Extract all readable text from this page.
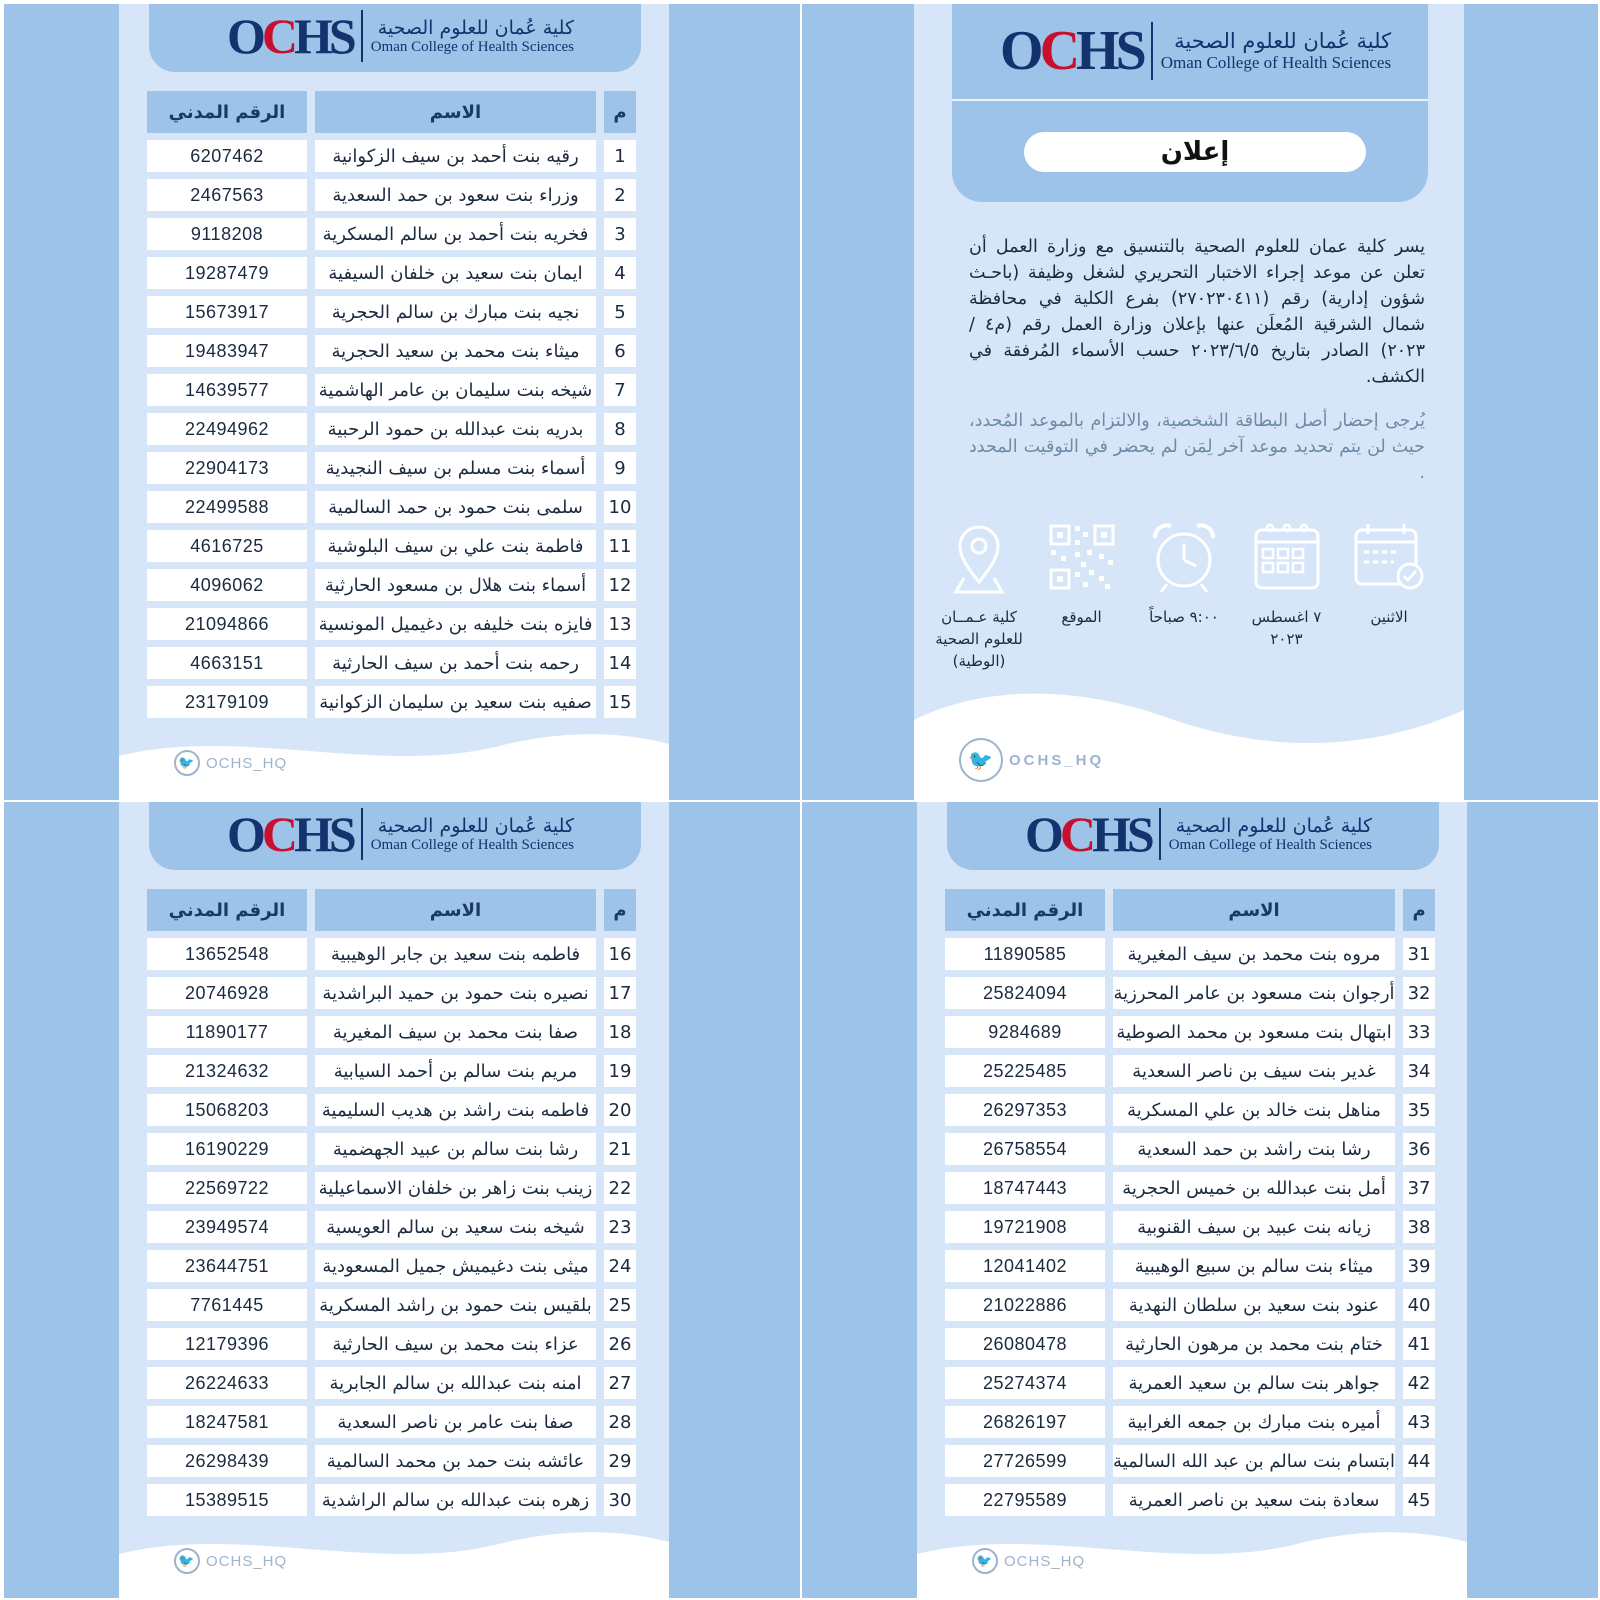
OCHS كلية عُمان للعلوم الصحية
Oman College of Health Sciences
م	الاسم	الرقم المدني
1	رقيه بنت أحمد بن سيف الزكوانية	6207462
2	وزراء بنت سعود بن حمد السعدية	2467563
3	فخريه بنت أحمد بن سالم المسكرية	9118208
4	ايمان بنت سعيد بن خلفان السيفية	19287479
5	نجيه بنت مبارك بن سالم الحجرية	15673917
6	ميثاء بنت محمد بن سعيد الحجرية	19483947
7	شيخه بنت سليمان بن عامر الهاشمية	14639577
8	بدريه بنت عبدالله بن حمود الرحبية	22494962
9	أسماء بنت مسلم بن سيف النجيدية	22904173
10	سلمى بنت حمود بن حمد السالمية	22499588
11	فاطمة بنت علي بن سيف البلوشية	4616725
12	أسماء بنت هلال بن مسعود الحارثية	4096062
13	فايزه بنت خليفه بن دغيميل المونسية	21094866
14	رحمه بنت أحمد بن سيف الحارثية	4663151
15	صفيه بنت سعيد بن سليمان الزكوانية	23179109
🐦 OCHS_HQ
OCHS كلية عُمان للعلوم الصحية
Oman College of Health Sciences
إعلان
يسر كلية عمان للعلوم الصحية بالتنسيق مع وزارة العمل أن تعلن عن موعد إجراء الاختبار التحريري لشغل وظيفة (باحـث شؤون إدارية) رقم (٢٧٠٢٣٠٤١١) بفرع الكلية في محافظة شمال الشرقية المُعلَن عنها بإعلان وزارة العمل رقم (م٤ / ٢٠٢٣) الصادر بتاريخ ٢٠٢٣/٦/٥ حسب الأسماء المُرفقة في الكشف.
يُرجى إحضار أصل البطاقة الشخصية، والالتزام بالموعد المُحدد، حيث لن يتم تحديد موعد آخر لِمَن لم يحضر في التوقيت المحدد .
الاثنين
٧ اغسطس ٢٠٢٣
٩:٠٠ صباحاً
الموقع
كلية عـمــان للعلوم الصحية (الوطية)
🐦	OCHS_HQ
OCHS كلية عُمان للعلوم الصحية
Oman College of Health Sciences
م	الاسم	الرقم المدني
16	فاطمه بنت سعيد بن جابر الوهيبية	13652548
17	نصيره بنت حمود بن حميد البراشدية	20746928
18	صفا بنت محمد بن سيف المغيرية	11890177
19	مريم بنت سالم بن أحمد السيابية	21324632
20	فاطمه بنت راشد بن هديب السليمية	15068203
21	رشا بنت سالم بن عبيد الجهضمية	16190229
22	زينب بنت زاهر بن خلفان الاسماعيلية	22569722
23	شيخه بنت سعيد بن سالم العويسية	23949574
24	ميثى بنت دغيميش جميل المسعودية	23644751
25	بلقيس بنت حمود بن راشد المسكرية	7761445
26	عزاء بنت محمد بن سيف الحارثية	12179396
27	امنه بنت عبدالله بن سالم الجابرية	26224633
28	صفا بنت عامر بن ناصر السعدية	18247581
29	عائشه بنت حمد بن محمد السالمية	26298439
30	زهره بنت عبدالله بن سالم الراشدية	15389515
🐦 OCHS_HQ
OCHS كلية عُمان للعلوم الصحية
Oman College of Health Sciences
م	الاسم	الرقم المدني
31	مروه بنت محمد بن سيف المغيرية	11890585
32	أرجوان بنت مسعود بن عامر المحرزية	25824094
33	ابتهال بنت مسعود بن محمد الصوطية	9284689
34	غدير بنت سيف بن ناصر السعدية	25225485
35	مناهل بنت خالد بن علي المسكرية	26297353
36	رشا بنت راشد بن حمد السعدية	26758554
37	أمل بنت عبدالله بن خميس الحجرية	18747443
38	زيانه بنت عبيد بن سيف القنوبية	19721908
39	ميثاء بنت سالم بن سبيع الوهيبية	12041402
40	عنود بنت سعيد بن سلطان النهدية	21022886
41	ختام بنت محمد بن مرهون الحارثية	26080478
42	جواهر بنت سالم بن سعيد العمرية	25274374
43	أميره بنت مبارك بن جمعه الغرابية	26826197
44	ابتسام بنت سالم بن عبد الله السالمية	27726599
45	سعادة بنت سعيد بن ناصر العمرية	22795589
🐦 OCHS_HQ
